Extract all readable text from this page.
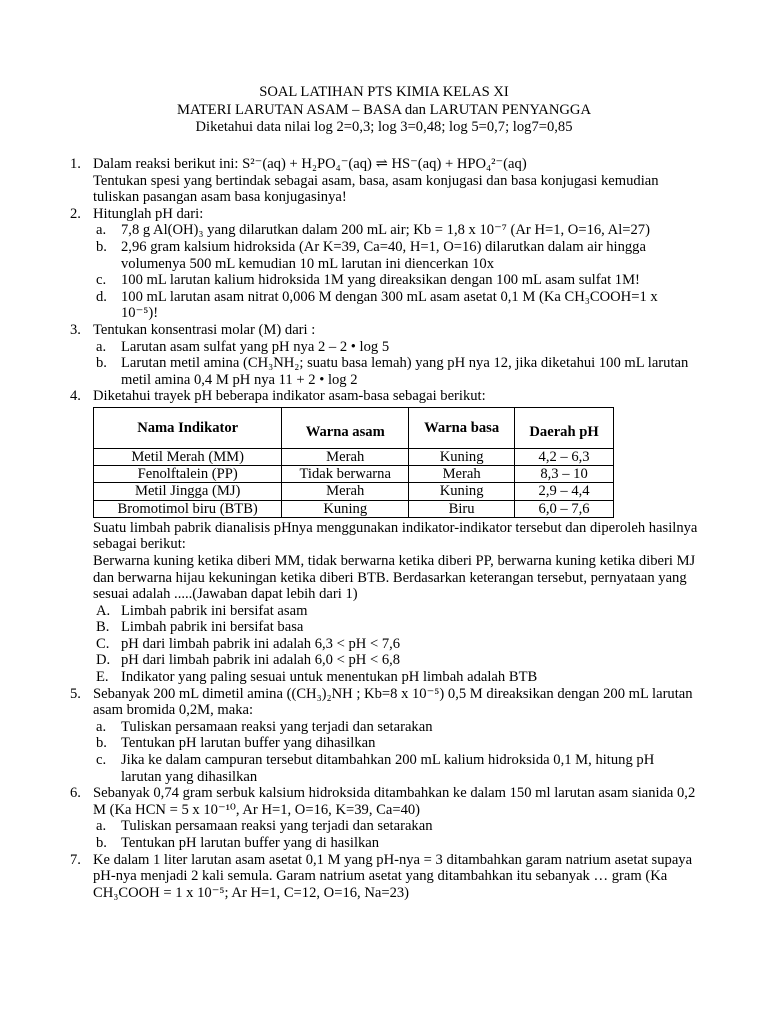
SOAL LATIHAN PTS KIMIA KELAS XI
MATERI LARUTAN ASAM – BASA dan LARUTAN PENYANGGA
Diketahui data nilai log 2=0,3; log 3=0,48; log 5=0,7; log7=0,85
1. Dalam reaksi berikut ini: S²⁻(aq) + H₂PO₄⁻(aq) ⇌ HS⁻(aq) + HPO₄²⁻(aq)
Tentukan spesi yang bertindak sebagai asam, basa, asam konjugasi dan basa konjugasi kemudian tuliskan pasangan asam basa konjugasinya!
2. Hitunglah pH dari:
a. 7,8 g Al(OH)₃ yang dilarutkan dalam 200 mL air; Kb = 1,8 x 10⁻⁷ (Ar H=1, O=16, Al=27)
b. 2,96 gram kalsium hidroksida (Ar K=39, Ca=40, H=1, O=16) dilarutkan dalam air hingga volumenya 500 mL kemudian 10 mL larutan ini diencerkan 10x
c. 100 mL larutan kalium hidroksida 1M yang direaksikan dengan 100 mL asam sulfat 1M!
d. 100 mL larutan asam nitrat 0,006 M dengan 300 mL asam asetat 0,1 M (Ka CH₃COOH=1 x 10⁻⁵)!
3. Tentukan konsentrasi molar (M) dari :
a. Larutan asam sulfat yang pH nya 2 – 2 • log 5
b. Larutan metil amina (CH₃NH₂; suatu basa lemah) yang pH nya 12, jika diketahui 100 mL larutan metil amina 0,4 M pH nya 11 + 2 • log 2
4. Diketahui trayek pH beberapa indikator asam-basa sebagai berikut:
Nama Indikator	Warna asam	Warna basa	Daerah pH
Metil Merah (MM)	Merah	Kuning	4,2 – 6,3
Fenolftalein (PP)	Tidak berwarna	Merah	8,3 – 10
Metil Jingga (MJ)	Merah	Kuning	2,9 – 4,4
Bromotimol biru (BTB)	Kuning	Biru	6,0 – 7,6
Suatu limbah pabrik dianalisis pHnya menggunakan indikator-indikator tersebut dan diperoleh hasilnya sebagai berikut:
Berwarna kuning ketika diberi MM, tidak berwarna ketika diberi PP, berwarna kuning ketika diberi MJ dan berwarna hijau kekuningan ketika diberi BTB. Berdasarkan keterangan tersebut, pernyataan yang sesuai adalah .....(Jawaban dapat lebih dari 1)
A. Limbah pabrik ini bersifat asam
B. Limbah pabrik ini bersifat basa
C. pH dari limbah pabrik ini adalah 6,3 < pH < 7,6
D. pH dari limbah pabrik ini adalah 6,0 < pH < 6,8
E. Indikator yang paling sesuai untuk menentukan pH limbah adalah BTB
5. Sebanyak 200 mL dimetil amina ((CH₃)₂NH ; Kb=8 x 10⁻⁵) 0,5 M direaksikan dengan 200 mL larutan asam bromida 0,2M, maka:
a. Tuliskan persamaan reaksi yang terjadi dan setarakan
b. Tentukan pH larutan buffer yang dihasilkan
c. Jika ke dalam campuran tersebut ditambahkan 200 mL kalium hidroksida 0,1 M, hitung pH larutan yang dihasilkan
6. Sebanyak 0,74 gram serbuk kalsium hidroksida ditambahkan ke dalam 150 ml larutan asam sianida 0,2 M (Ka HCN = 5 x 10⁻¹⁰, Ar H=1, O=16, K=39, Ca=40)
a. Tuliskan persamaan reaksi yang terjadi dan setarakan
b. Tentukan pH larutan buffer yang di hasilkan
7. Ke dalam 1 liter larutan asam asetat 0,1 M yang pH-nya = 3 ditambahkan garam natrium asetat supaya pH-nya menjadi 2 kali semula. Garam natrium asetat yang ditambahkan itu sebanyak … gram (Ka CH₃COOH = 1 x 10⁻⁵; Ar H=1, C=12, O=16, Na=23)
